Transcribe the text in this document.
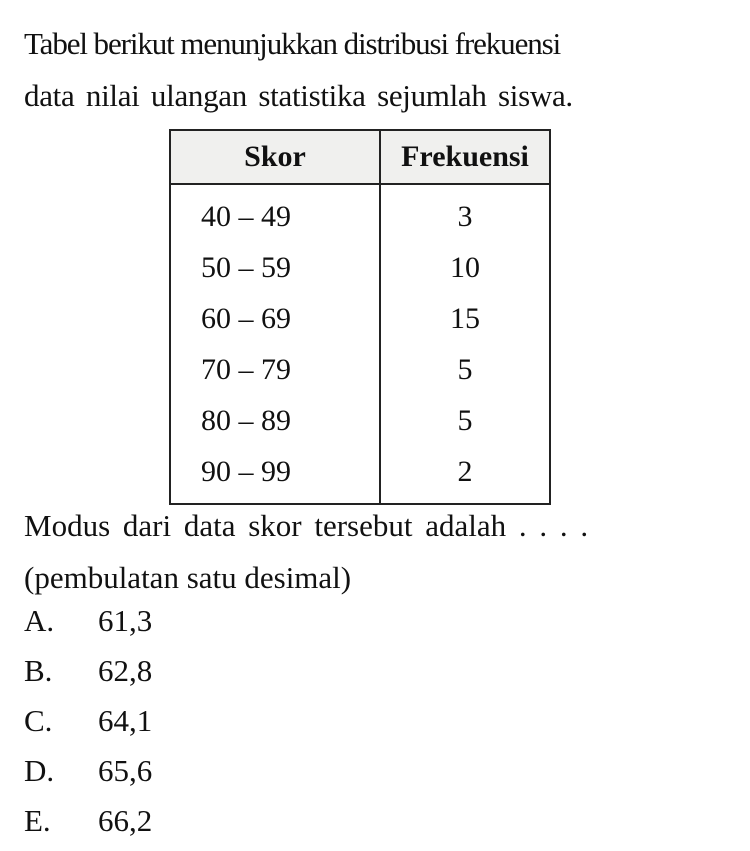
Tabel berikut menunjukkan distribusi frekuensi
data nilai ulangan statistika sejumlah siswa.
Skor	Frekuensi
40 – 49	3
50 – 59	10
60 – 69	15
70 – 79	5
80 – 89	5
90 – 99	2
Modus dari data skor tersebut adalah . . . .
(pembulatan satu desimal)
A.	61,3
B.	62,8
C.	64,1
D.	65,6
E.	66,2
